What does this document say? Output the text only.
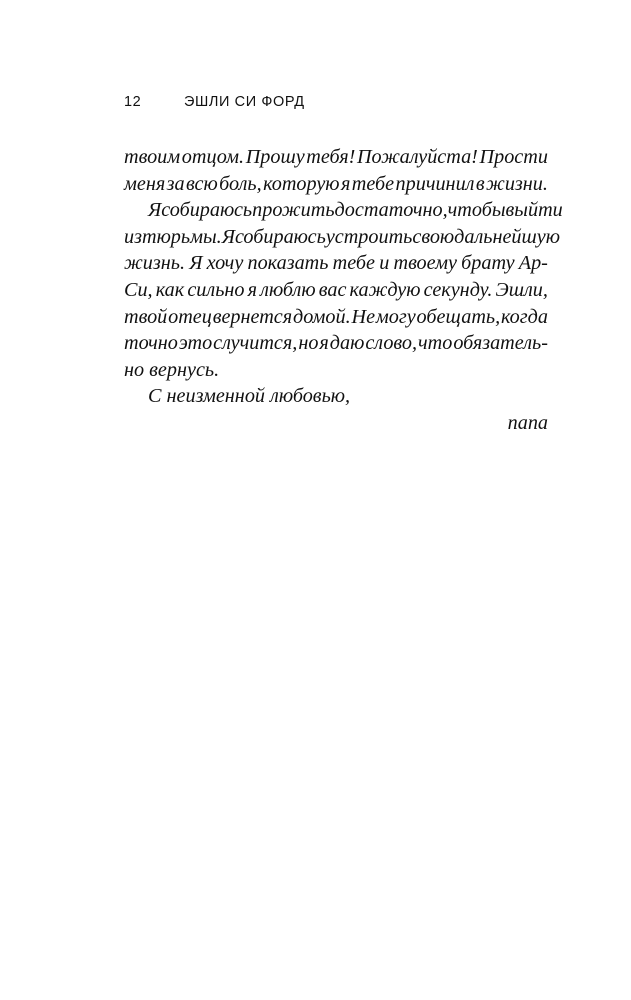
12	ЭШЛИ СИ ФОРД
твоим отцом. Прошу тебя! Пожалуйста! Прости
меня за всю боль, которую я тебе причинил в жизни.
Я собираюсь прожить достаточно, чтобы выйти
из тюрьмы. Я собираюсь устроить свою дальнейшую
жизнь. Я хочу показать тебе и твоему брату Ар-
Си, как сильно я люблю вас каждую секунду. Эшли,
твой отец вернется домой. Не могу обещать, когда
точно это случится, но я даю слово, что обязатель-
но вернусь.
С неизменной любовью,
папа
